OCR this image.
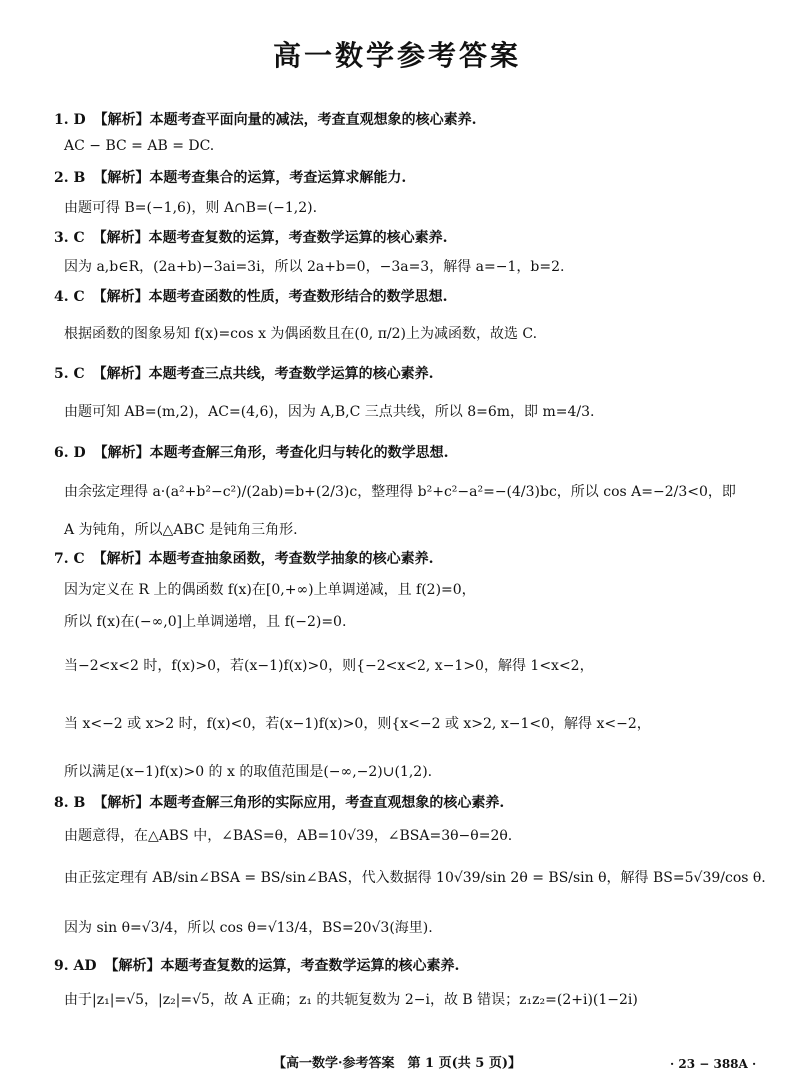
高一数学参考答案
1. D 【解析】本题考查平面向量的减法，考查直观想象的核心素养.
AC − BC = AB = DC.
2. B 【解析】本题考查集合的运算，考查运算求解能力.
由题可得 B=(−1,6)，则 A∩B=(−1,2).
3. C 【解析】本题考查复数的运算，考查数学运算的核心素养.
因为 a,b∈R，(2a+b)−3ai=3i，所以 2a+b=0，−3a=3，解得 a=−1，b=2.
4. C 【解析】本题考查函数的性质，考查数形结合的数学思想.
根据函数的图象易知 f(x)=cos x 为偶函数且在(0, π/2)上为减函数，故选 C.
5. C 【解析】本题考查三点共线，考查数学运算的核心素养.
由题可知 AB=(m,2)，AC=(4,6)，因为 A,B,C 三点共线，所以 8=6m，即 m=4/3.
6. D 【解析】本题考查解三角形，考查化归与转化的数学思想.
由余弦定理得 a·(a²+b²−c²)/(2ab)=b+(2/3)c，整理得 b²+c²−a²=−(4/3)bc，所以 cos A=−2/3<0，即
A 为钝角，所以△ABC 是钝角三角形.
7. C 【解析】本题考查抽象函数，考查数学抽象的核心素养.
因为定义在 R 上的偶函数 f(x)在[0,+∞)上单调递减，且 f(2)=0，
所以 f(x)在(−∞,0]上单调递增，且 f(−2)=0.
当−2<x<2 时，f(x)>0，若(x−1)f(x)>0，则{−2<x<2, x−1>0，解得 1<x<2，
当 x<−2 或 x>2 时，f(x)<0，若(x−1)f(x)>0，则{x<−2 或 x>2, x−1<0，解得 x<−2，
所以满足(x−1)f(x)>0 的 x 的取值范围是(−∞,−2)∪(1,2).
8. B 【解析】本题考查解三角形的实际应用，考查直观想象的核心素养.
由题意得，在△ABS 中，∠BAS=θ，AB=10√39，∠BSA=3θ−θ=2θ.
由正弦定理有 AB/sin∠BSA = BS/sin∠BAS，代入数据得 10√39/sin 2θ = BS/sin θ，解得 BS=5√39/cos θ.
因为 sin θ=√3/4，所以 cos θ=√13/4，BS=20√3(海里).
9. AD 【解析】本题考查复数的运算，考查数学运算的核心素养.
由于|z₁|=√5，|z₂|=√5，故 A 正确；z₁ 的共轭复数为 2−i，故 B 错误；z₁z₂=(2+i)(1−2i)
【高一数学·参考答案　第 1 页(共 5 页)】	· 23 − 388A ·
